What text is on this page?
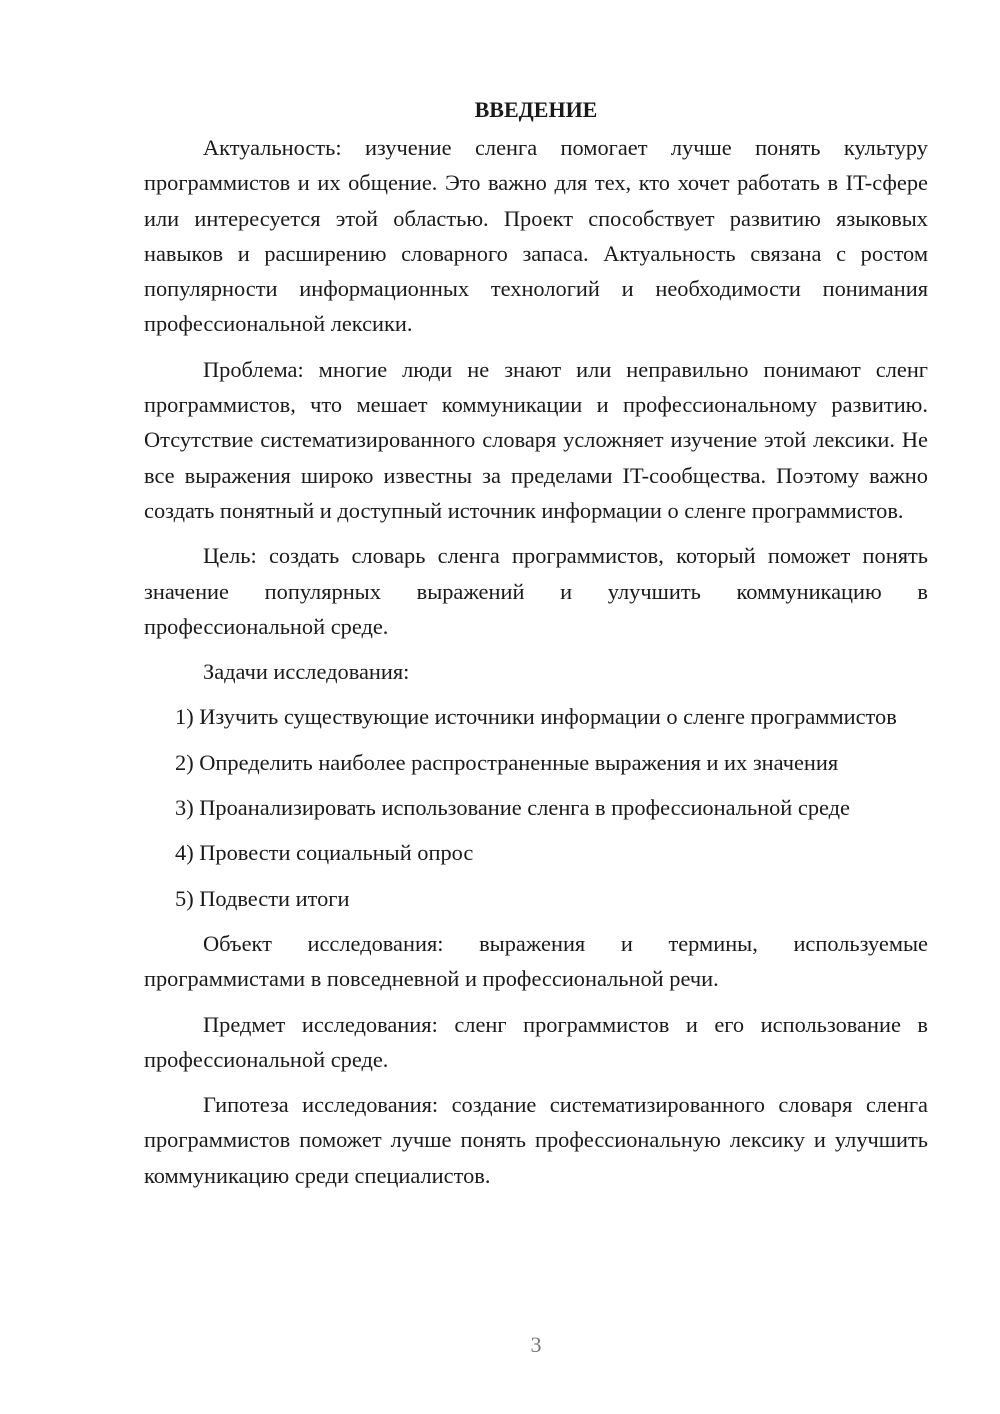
ВВЕДЕНИЕ

Актуальность: изучение сленга помогает лучше понять культуру программистов и их общение. Это важно для тех, кто хочет работать в IT-сфере или интересуется этой областью. Проект способствует развитию языковых навыков и расширению словарного запаса. Актуальность связана с ростом популярности информационных технологий и необходимости понимания профессиональной лексики.

Проблема: многие люди не знают или неправильно понимают сленг программистов, что мешает коммуникации и профессиональному развитию. Отсутствие систематизированного словаря усложняет изучение этой лексики. Не все выражения широко известны за пределами IT-сообщества. Поэтому важно создать понятный и доступный источник информации о сленге программистов.

Цель: создать словарь сленга программистов, который поможет понять значение популярных выражений и улучшить коммуникацию в профессиональной среде.

Задачи исследования:

1) Изучить существующие источники информации о сленге программистов

2) Определить наиболее распространенные выражения и их значения

3) Проанализировать использование сленга в профессиональной среде

4) Провести социальный опрос

5) Подвести итоги

Объект исследования: выражения и термины, используемые программистами в повседневной и профессиональной речи.

Предмет исследования: сленг программистов и его использование в профессиональной среде.

Гипотеза исследования: создание систематизированного словаря сленга программистов поможет лучше понять профессиональную лексику и улучшить коммуникацию среди специалистов.

3
